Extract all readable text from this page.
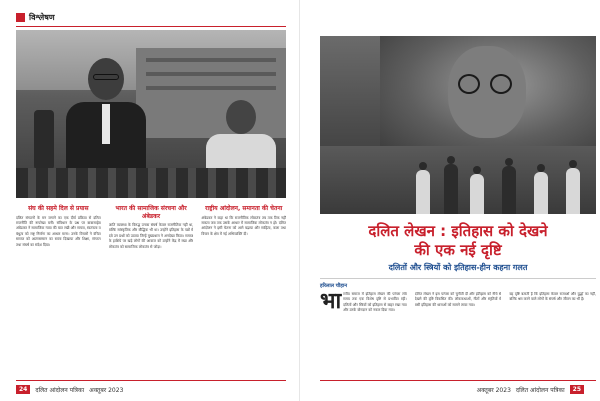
विश्लेषण
संघ की सहमे दिल से प्रयास
दलित संगठनों के मन जगाने का एक दीर्घ प्रक्रिया से दलित राजनीति की रूपरेखा बनी। संविधान के प्रश्न पर बाबासाहेब अंबेडकर ने सामाजिक न्याय की बात रखी और समता, स्वतंत्रता व बंधुत्व को राष्ट्र निर्माण का आधार माना। उनके विचारों ने वंचित समाज को आत्मसम्मान का रास्ता दिखाया और शिक्षा, संगठन तथा संघर्ष का संदेश दिया।
भारत की सामाजिक संरचना और अंबेडकर
जाति व्यवस्था के विरुद्ध उनका संघर्ष केवल राजनीतिक नहीं था, बल्कि सांस्कृतिक और बौद्धिक भी था। उन्होंने इतिहास के पन्नों में दबे उन प्रश्नों को उठाया जिन्हें मुख्यधारा ने अनदेखा किया। समाज के हाशिये पर खड़े लोगों की आवाज को उन्होंने केंद्र में रखा और लोकतंत्र को सामाजिक लोकतंत्र से जोड़ा।
राष्ट्रीय आंदोलन, समानता की चेतना
अंबेडकर ने कहा था कि राजनीतिक लोकतंत्र तब तक टिक नहीं सकता जब तक उसके आधार में सामाजिक लोकतंत्र न हो। दलित आंदोलन ने इसी चेतना को आगे बढ़ाया और साहित्य, कला तथा विचार के क्षेत्र में नई अभिव्यक्ति दी।
24	दलित आंदोलन पत्रिका अक्तूबर 2023
दलित लेखन : इतिहास को देखने
की एक नई दृष्टि
दलितों और स्त्रियों को इतिहास-हीन कहना गलत
हरिलाल चौहान
भा रतीय समाज में इतिहास लेखन की परंपरा लंबे समय तक एक विशेष दृष्टि से प्रभावित रही। दलितों और स्त्रियों को इतिहास से बाहर रखा गया और उनके योगदान को नकार दिया गया।
दलित लेखन ने इस परंपरा को चुनौती दी और इतिहास को नीचे से देखने की दृष्टि विकसित की। लोककथाओं, गीतों और स्मृतियों में बसी इतिहास की धाराओं को सामने लाया गया।
यह दृष्टि बताती है कि इतिहास केवल राजाओं और युद्धों का नहीं, बल्कि श्रम करने वाले लोगों के संघर्ष और जीवन का भी है।
अक्तूबर 2023 दलित आंदोलन पत्रिका	25
